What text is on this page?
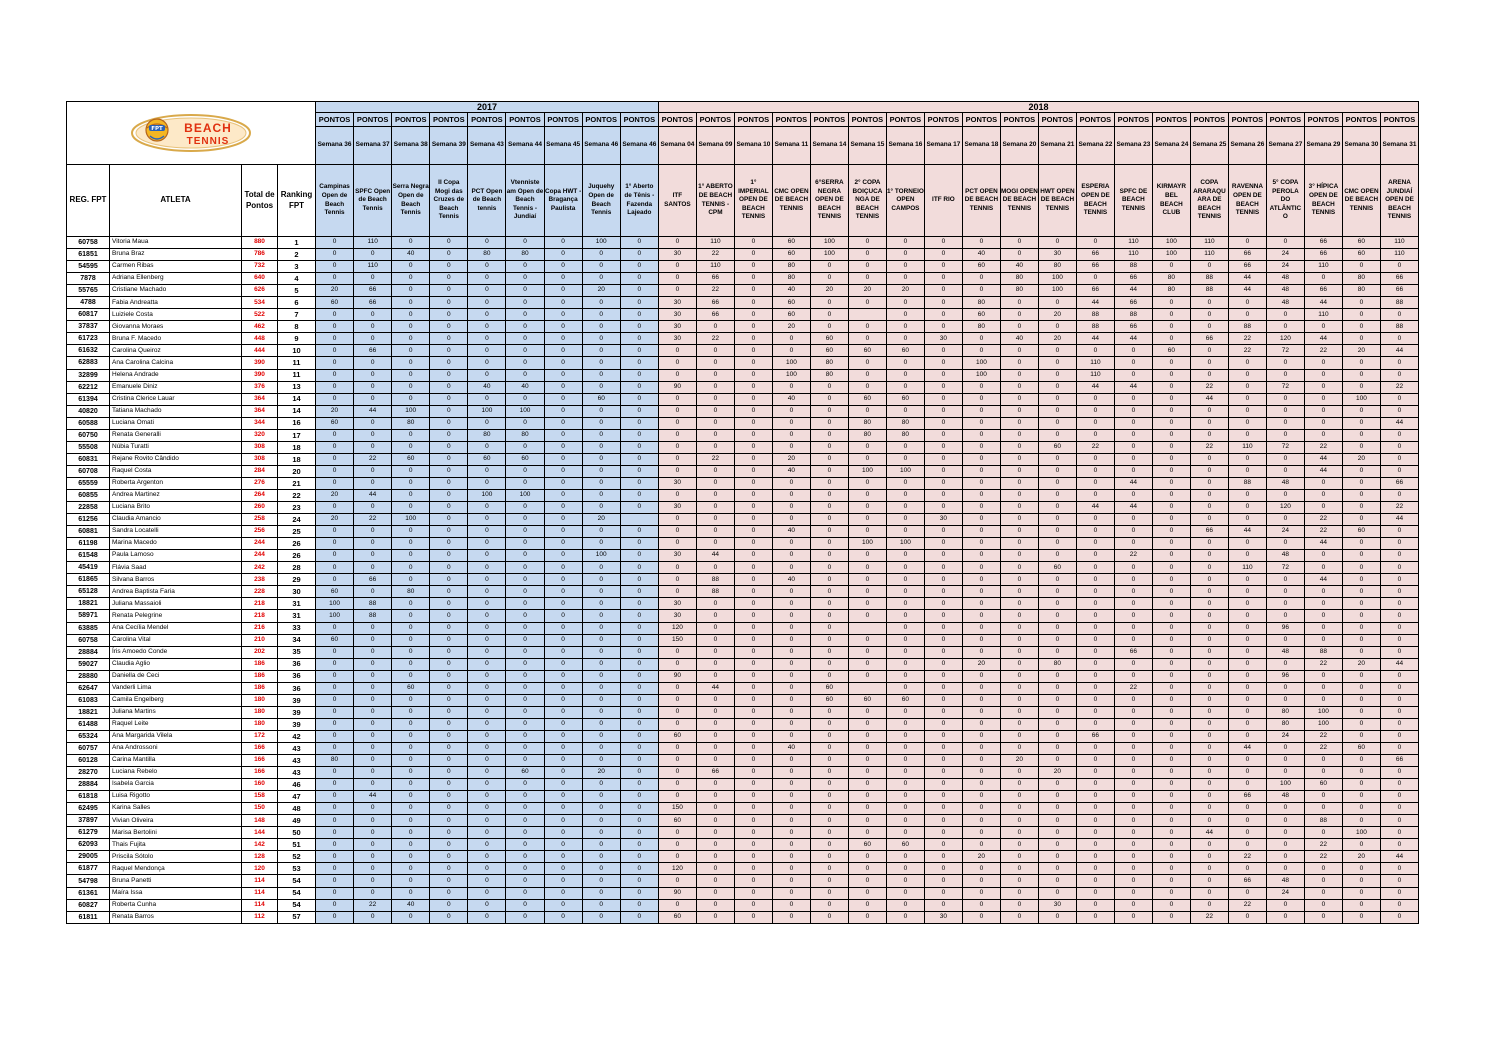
FPT BEACH
TENNIS				2017									2018																			
				PONTOS	PONTOS	PONTOS	PONTOS	PONTOS	PONTOS	PONTOS	PONTOS	PONTOS	PONTOS	PONTOS	PONTOS	PONTOS	PONTOS	PONTOS	PONTOS	PONTOS	PONTOS	PONTOS	PONTOS	PONTOS	PONTOS	PONTOS	PONTOS	PONTOS	PONTOS	PONTOS	PONTOS	PONTOS
				Semana 36	Semana 37	Semana 38	Semana 39	Semana 43	Semana 44	Semana 45	Semana 46	Semana 46	Semana 04	Semana 09	Semana 10	Semana 11	Semana 14	Semana 15	Semana 16	Semana 17	Semana 18	Semana 20	Semana 21	Semana 22	Semana 23	Semana 24	Semana 25	Semana 26	Semana 27	Semana 29	Semana 30	Semana 31
REG. FPT	ATLETA	Total de Pontos	Ranking FPT	Campinas Open de Beach Tennis	SPFC Open de Beach Tennis	Serra Negra Open de Beach Tennis	II Copa Mogi das Cruzes de Beach Tennis	PCT Open de Beach tennis	Vtenniste am Open de Beach Tennis - Jundiaí	Copa HWT - Bragança Paulista	Juquehy Open de Beach Tennis	1° Aberto de Tênis - Fazenda Lajeado	ITF SANTOS	1° ABERTO DE BEACH TENNIS - CPM	1° IMPERIAL OPEN DE BEACH TENNIS	CMC OPEN DE BEACH TENNIS	6°SERRA NEGRA OPEN DE BEACH TENNIS	2° COPA BOIÇUCA NGA DE BEACH TENNIS	1° TORNEIO OPEN CAMPOS	ITF RIO	PCT OPEN DE BEACH TENNIS	MOGI OPEN DE BEACH TENNIS	HWT OPEN DE BEACH TENNIS	ESPERIA OPEN DE BEACH TENNIS	SPFC DE BEACH TENNIS	KIRMAYR BEL BEACH CLUB	COPA ARARAQU ARA DE BEACH TENNIS	RAVENNA OPEN DE BEACH TENNIS	5° COPA PEROLA DO ATLÂNTIC O	3° HÍPICA OPEN DE BEACH TENNIS	CMC OPEN DE BEACH TENNIS	ARENA JUNDIAÍ OPEN DE BEACH TENNIS
60758	Vitoria Maua	880	1	0	110	0	0	0	0	0	100	0	0	110	0	60	100	0	0	0	0	0	0	0	110	100	110	0	0	66	60	110
61851	Bruna Braz	786	2	0	0	40	0	80	80	0	0	0	30	22	0	60	100	0	0	0	40	0	30	66	110	100	110	66	24	66	60	110
54595	Carmen Ribas	732	3	0	110	0	0	0	0	0	0	0	0	110	0	80	0	0	0	0	60	40	80	66	88	0	0	66	24	110	0	0
7878	Adriana Ellenberg	640	4	0	0	0	0	0	0	0	0	0	0	66	0	80	0	0	0	0	0	80	100	0	66	80	88	44	48	0	80	66
55765	Cristiane Machado	626	5	20	66	0	0	0	0	0	20	0	0	22	0	40	20	20	20	0	0	80	100	66	44	80	88	44	48	66	80	66
4788	Fabia Andreatta	534	6	60	66	0	0	0	0	0	0	0	30	66	0	60	0	0	0	0	80	0	0	44	66	0	0	0	48	44	0	88
60817	Luiziele Costa	522	7	0	0	0	0	0	0	0	0	0	30	66	0	60	0		0	0	60	0	20	88	88	0	0	0	0	110	0	0
37837	Giovanna Moraes	462	8	0	0	0	0	0	0	0	0	0	30	0	0	20	0	0	0	0	80	0	0	88	66	0	0	88	0	0	0	88
61723	Bruna F. Macedo	448	9	0	0	0	0	0	0	0	0	0	30	22	0	0	60	0	0	30	0	40	20	44	44	0	66	22	120	44	0	0
61632	Carolina Queiroz	444	10	0	66	0	0	0	0	0	0	0	0	0	0	0	60	60	60	0	0	0	0	0	0	60	0	22	72	22	20	44
62883	Ana Carolina Calcina	390	11	0	0	0	0	0	0	0	0	0	0	0	0	100	80	0	0	0	100	0	0	110	0	0	0	0	0	0	0	0
32899	Helena Andrade	390	11	0	0	0	0	0	0	0	0	0	0	0	0	100	80	0	0	0	100	0	0	110	0	0	0	0	0	0	0	0
62212	Emanuele Diniz	376	13	0	0	0	0	40	40	0	0	0	90	0	0	0	0	0	0	0	0	0	0	44	44	0	22	0	72	0	0	22
61394	Cristina Clerice Lauar	364	14	0	0	0	0	0	0	0	60	0	0	0	0	40	0	60	60	0	0	0	0	0	0	0	44	0	0	0	100	0
40820	Tatiana Machado	364	14	20	44	100	0	100	100	0	0	0	0	0	0	0	0	0	0	0	0	0	0	0	0	0	0	0	0	0	0	0
60588	Luciana Omati	344	16	60	0	80	0	0	0	0	0	0	0	0	0	0	0	80	80	0	0	0	0	0	0	0	0	0	0	0	0	44
60750	Renata Generalli	320	17	0	0	0	0	80	80	0	0	0	0	0	0	0	0	80	80	0	0	0	0	0	0	0	0	0	0	0	0	0
55508	Núbia Turatti	308	18	0	0	0	0	0	0	0	0	0	0	0	0	0	0	0	0	0	0	0	60	22	0	0	22	110	72	22	0	0
60831	Rejane Rovito Cândido	308	18	0	22	60	0	60	60	0	0	0	0	22	0	20	0	0	0	0	0	0	0	0	0	0	0	0	0	44	20	0
60708	Raquel Costa	284	20	0	0	0	0	0	0	0	0	0	0	0	0	40	0	100	100	0	0	0	0	0	0	0	0	0	0	44	0	0
65559	Roberta Argenton	276	21	0	0	0	0	0	0	0	0	0	30	0	0	0	0	0	0	0	0	0	0	0	44	0	0	88	48	0	0	66
60855	Andrea Martinez	264	22	20	44	0	0	100	100	0	0	0	0	0	0	0	0	0	0	0	0	0	0	0	0	0	0	0	0	0	0	0
22858	Luciana Brito	260	23	0	0	0	0	0	0	0	0	0	30	0	0	0	0	0	0	0	0	0	0	44	44	0	0	0	120	0	0	22
61256	Claudia Amancio	258	24	20	22	100	0	0	0	0	20		0	0	0	0	0	0	0	30	0	0	0	0	0	0	0	0	0	22	0	44
60881	Sandra Locatelli	256	25	0	0	0	0	0	0	0	0	0	0	0	0	40	0	0	0	0	0	0	0	0	0	0	66	44	24	22	60	0
61198	Marina Macedo	244	26	0	0	0	0	0	0	0	0	0	0	0	0	0	0	100	100	0	0	0	0	0	0	0	0	0	0	44	0	0
61548	Paula Lamoso	244	26	0	0	0	0	0	0	0	100	0	30	44	0	0	0	0	0	0	0	0	0	0	22	0	0	0	48	0	0	0
45419	Flávia Saad	242	28	0	0	0	0	0	0	0	0	0	0	0	0	0	0	0	0	0	0	0	60	0	0	0	0	110	72	0	0	0
61865	Silvana Barros	238	29	0	66	0	0	0	0	0	0	0	0	88	0	40	0	0	0	0	0	0	0	0	0	0	0	0	0	44	0	0
65128	Andrea Baptista Faria	228	30	60	0	80	0	0	0	0	0	0	0	88	0	0	0	0	0	0	0	0	0	0	0	0	0	0	0	0	0	0
18821	Juliana Massaioli	218	31	100	88	0	0	0	0	0	0	0	30	0	0	0	0	0	0	0	0	0	0	0	0	0	0	0	0	0	0	0
58971	Renata Pelegrine	218	31	100	88	0	0	0	0	0	0	0	30	0	0	0	0	0	0	0	0	0	0	0	0	0	0	0	0	0	0	0
63885	Ana Cecília Mendel	216	33	0	0	0	0	0	0	0	0	0	120	0	0	0	0		0	0	0	0	0	0	0	0	0	0	96	0	0	0
60758	Carolina Vital	210	34	60	0	0	0	0	0	0	0	0	150	0	0	0	0	0	0	0	0	0	0	0	0	0	0	0	0	0	0	0
28884	Íris Amoedo Conde	202	35	0	0	0	0	0	0	0	0	0	0	0	0	0	0	0	0	0	0	0	0	0	66	0	0	0	48	88	0	0
59027	Claudia Aglio	186	36	0	0	0	0	0	0	0	0	0	0	0	0	0	0	0	0	0	20	0	80	0	0	0	0	0	0	22	20	44
28880	Daniella de Ceci	186	36	0	0	0	0	0	0	0	0	0	90	0	0	0	0	0	0	0	0	0	0	0	0	0	0	0	96	0	0	0
62647	Vanderli Lima	186	36	0	0	60	0	0	0	0	0	0	0	44	0	0	60		0	0	0	0	0	0	22	0	0	0	0	0	0	0
61083	Camila Engelberg	180	39	0	0	0	0	0	0	0	0	0	0	0	0	0	60	60	60	0	0	0	0	0	0	0	0	0	0	0	0	0
18821	Juliana Martins	180	39	0	0	0	0	0	0	0	0	0	0	0	0	0	0	0	0	0	0	0	0	0	0	0	0	0	80	100	0	0
61488	Raquel Leite	180	39	0	0	0	0	0	0	0	0	0	0	0	0	0	0	0	0	0	0	0	0	0	0	0	0	0	80	100	0	0
65324	Ana Margarida Vilela	172	42	0	0	0	0	0	0	0	0	0	60	0	0	0	0	0	0	0	0	0	0	66	0	0	0	0	24	22	0	0
60757	Ana Androssoni	166	43	0	0	0	0	0	0	0	0	0	0	0	0	40	0	0	0	0	0	0	0	0	0	0	0	44	0	22	60	0
60128	Carina Mantilla	166	43	80	0	0	0	0	0	0	0	0	0	0	0	0	0	0	0	0	0	20	0	0	0	0	0	0	0	0	0	66
28270	Luciana Rebelo	166	43	0	0	0	0	0	60	0	20	0	0	66	0	0	0	0	0	0	0	0	20	0	0	0	0	0	0	0	0	0
28884	Isabela Garcia	160	46	0	0	0	0	0	0	0	0	0	0	0	0	0	0	0	0	0	0	0	0	0	0	0	0	0	100	60	0	0
61818	Luisa Rigotto	158	47	0	44	0	0	0	0	0	0	0	0	0	0	0	0	0	0	0	0	0	0	0	0	0	0	66	48	0	0	0
62495	Karina Salles	150	48	0	0	0	0	0	0	0	0	0	150	0	0	0	0	0	0	0	0	0	0	0	0	0	0	0	0	0	0	0
37897	Vivian Oliveira	148	49	0	0	0	0	0	0	0	0	0	60	0	0	0	0	0	0	0	0	0	0	0	0	0	0	0	0	88	0	0
61279	Marisa Bertolini	144	50	0	0	0	0	0	0	0	0	0	0	0	0	0	0	0	0	0	0	0	0	0	0	0	44	0	0	0	100	0
62093	Thais Fujita	142	51	0	0	0	0	0	0	0	0	0	0	0	0	0	0	60	60	0	0	0	0	0	0	0	0	0	0	22	0	0
29005	Priscila Sótolo	128	52	0	0	0	0	0	0	0	0	0	0	0	0	0	0	0	0	0	20	0	0	0	0	0	0	22	0	22	20	44
61877	Raquel Mendonça	120	53	0	0	0	0	0	0	0	0	0	120	0	0	0	0	0	0	0	0	0	0	0	0	0	0	0	0	0	0	0
54798	Bruna Panetti	114	54	0	0	0	0	0	0	0	0	0	0	0	0	0	0	0	0	0	0	0	0	0	0	0	0	66	48	0	0	0
61361	Maíra Issa	114	54	0	0	0	0	0	0	0	0	0	90	0	0	0	0	0	0	0	0	0	0	0	0	0	0	0	24	0	0	0
60827	Roberta Cunha	114	54	0	22	40	0	0	0	0	0	0	0	0	0	0	0	0	0	0	0	0	30	0	0	0	0	22	0	0	0	0
61811	Renata Barros	112	57	0	0	0	0	0	0	0	0	0	60	0	0	0	0	0	0	30	0	0	0	0	0	0	22	0	0	0	0	0
